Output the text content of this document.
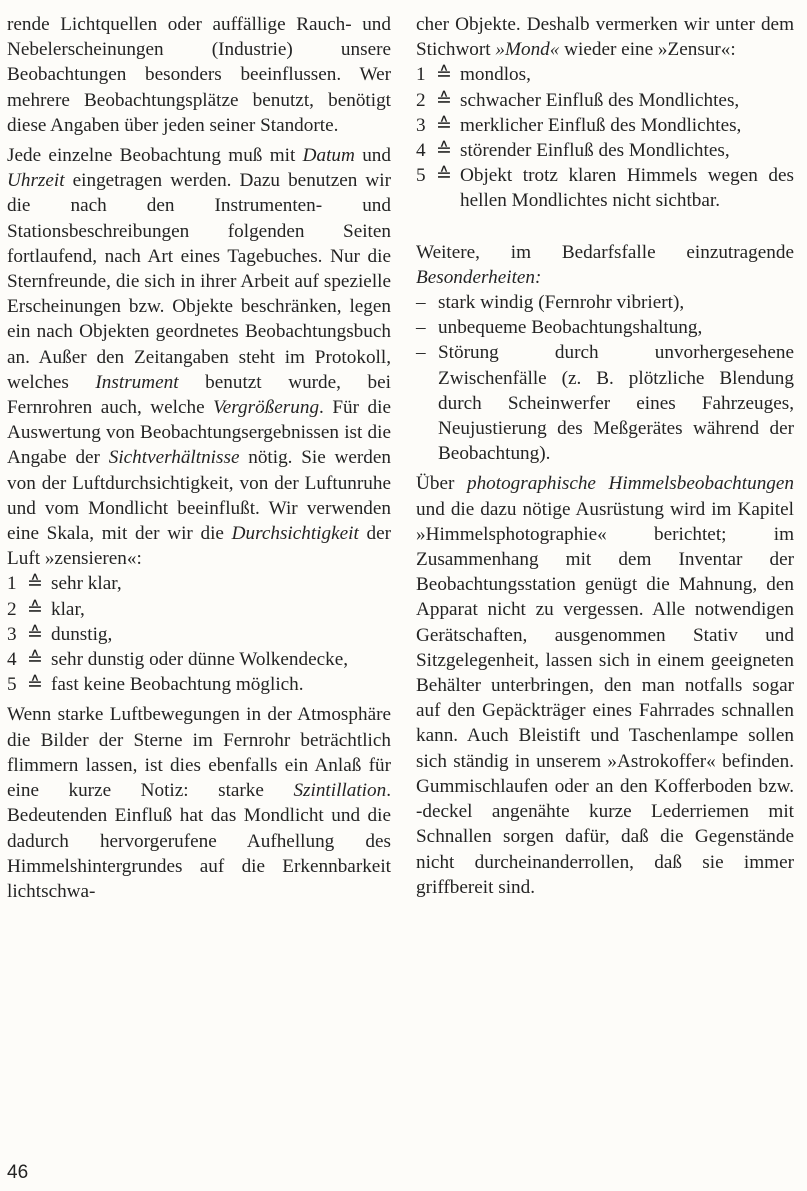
rende Lichtquellen oder auffällige Rauch- und Nebelerscheinungen (Industrie) unsere Beobachtungen besonders beeinflussen. Wer mehrere Beobachtungsplätze benutzt, benötigt diese Angaben über jeden seiner Standorte.

Jede einzelne Beobachtung muß mit Datum und Uhrzeit eingetragen werden. Dazu benutzen wir die nach den Instrumenten- und Stationsbeschreibungen folgenden Seiten fortlaufend, nach Art eines Tagebuches. Nur die Sternfreunde, die sich in ihrer Arbeit auf spezielle Erscheinungen bzw. Objekte beschränken, legen ein nach Objekten geordnetes Beobachtungsbuch an. Außer den Zeitangaben steht im Protokoll, welches Instrument benutzt wurde, bei Fernrohren auch, welche Vergrößerung. Für die Auswertung von Beobachtungsergebnissen ist die Angabe der Sichtverhältnisse nötig. Sie werden von der Luftdurchsichtigkeit, von der Luftunruhe und vom Mondlicht beeinflußt. Wir verwenden eine Skala, mit der wir die Durchsichtigkeit der Luft »zensieren«:

1 ≙ sehr klar,
2 ≙ klar,
3 ≙ dunstig,
4 ≙ sehr dunstig oder dünne Wolkendecke,
5 ≙ fast keine Beobachtung möglich.

Wenn starke Luftbewegungen in der Atmosphäre die Bilder der Sterne im Fernrohr beträchtlich flimmern lassen, ist dies ebenfalls ein Anlaß für eine kurze Notiz: starke Szintillation. Bedeutenden Einfluß hat das Mondlicht und die dadurch hervorgerufene Aufhellung des Himmelshintergrundes auf die Erkennbarkeit lichtschwa-

cher Objekte. Deshalb vermerken wir unter dem Stichwort »Mond« wieder eine »Zensur«:

1 ≙ mondlos,
2 ≙ schwacher Einfluß des Mondlichtes,
3 ≙ merklicher Einfluß des Mondlichtes,
4 ≙ störender Einfluß des Mondlichtes,
5 ≙ Objekt trotz klaren Himmels wegen des hellen Mondlichtes nicht sichtbar.

Weitere, im Bedarfsfalle einzutragende Besonderheiten:

– stark windig (Fernrohr vibriert),
– unbequeme Beobachtungshaltung,
– Störung durch unvorhergesehene Zwischenfälle (z. B. plötzliche Blendung durch Scheinwerfer eines Fahrzeuges, Neujustierung des Meßgerätes während der Beobachtung).

Über photographische Himmelsbeobachtungen und die dazu nötige Ausrüstung wird im Kapitel »Himmelsphotographie« berichtet; im Zusammenhang mit dem Inventar der Beobachtungsstation genügt die Mahnung, den Apparat nicht zu vergessen. Alle notwendigen Gerätschaften, ausgenommen Stativ und Sitzgelegenheit, lassen sich in einem geeigneten Behälter unterbringen, den man notfalls sogar auf den Gepäckträger eines Fahrrades schnallen kann. Auch Bleistift und Taschenlampe sollen sich ständig in unserem »Astrokoffer« befinden. Gummischlaufen oder an den Kofferboden bzw. -deckel angenähte kurze Lederriemen mit Schnallen sorgen dafür, daß die Gegenstände nicht durcheinanderrollen, daß sie immer griffbereit sind.

46
